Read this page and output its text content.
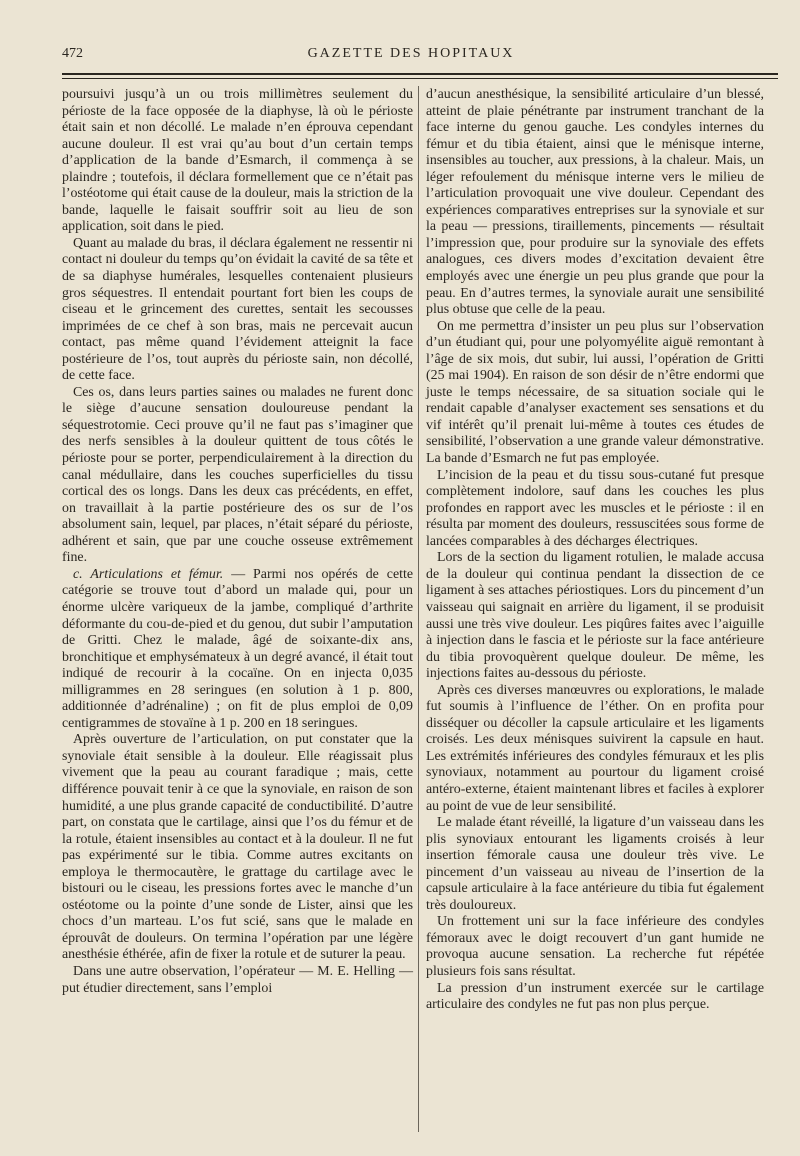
472	GAZETTE DES HOPITAUX

poursuivi jusqu’à un ou trois millimètres seulement du périoste de la face opposée de la diaphyse, là où le périoste était sain et non décollé. Le malade n’en éprouva cependant aucune douleur. Il est vrai qu’au bout d’un certain temps d’application de la bande d’Esmarch, il commença à se plaindre ; toutefois, il déclara formellement que ce n’était pas l’ostéotome qui était cause de la douleur, mais la striction de la bande, laquelle le faisait souffrir soit au lieu de son application, soit dans le pied.

Quant au malade du bras, il déclara également ne ressentir ni contact ni douleur du temps qu’on évidait la cavité de sa tête et de sa diaphyse humérales, lesquelles contenaient plusieurs gros séquestres. Il entendait pourtant fort bien les coups de ciseau et le grincement des curettes, sentait les secousses imprimées de ce chef à son bras, mais ne percevait aucun contact, pas même quand l’évidement atteignit la face postérieure de l’os, tout auprès du périoste sain, non décollé, de cette face.

Ces os, dans leurs parties saines ou malades ne furent donc le siège d’aucune sensation douloureuse pendant la séquestrotomie. Ceci prouve qu’il ne faut pas s’imaginer que des nerfs sensibles à la douleur quittent de tous côtés le périoste pour se porter, perpendiculairement à la direction du canal médullaire, dans les couches superficielles du tissu cortical des os longs. Dans les deux cas précédents, en effet, on travaillait à la partie postérieure des os sur de l’os absolument sain, lequel, par places, n’était séparé du périoste, adhérent et sain, que par une couche osseuse extrêmement fine.

c. Articulations et fémur. — Parmi nos opérés de cette catégorie se trouve tout d’abord un malade qui, pour un énorme ulcère variqueux de la jambe, compliqué d’arthrite déformante du cou-de-pied et du genou, dut subir l’amputation de Gritti. Chez le malade, âgé de soixante-dix ans, bronchitique et emphysémateux à un degré avancé, il était tout indiqué de recourir à la cocaïne. On en injecta 0,035 milligrammes en 28 seringues (en solution à 1 p. 800, additionnée d’adrénaline) ; on fit de plus emploi de 0,09 centigrammes de stovaïne à 1 p. 200 en 18 seringues.

Après ouverture de l’articulation, on put constater que la synoviale était sensible à la douleur. Elle réagissait plus vivement que la peau au courant faradique ; mais, cette différence pouvait tenir à ce que la synoviale, en raison de son humidité, a une plus grande capacité de conductibilité. D’autre part, on constata que le cartilage, ainsi que l’os du fémur et de la rotule, étaient insensibles au contact et à la douleur. Il ne fut pas expérimenté sur le tibia. Comme autres excitants on employa le thermocautère, le grattage du cartilage avec le bistouri ou le ciseau, les pressions fortes avec le manche d’un ostéotome ou la pointe d’une sonde de Lister, ainsi que les chocs d’un marteau. L’os fut scié, sans que le malade en éprouvât de douleurs. On termina l’opération par une légère anesthésie éthérée, afin de fixer la rotule et de suturer la peau.

Dans une autre observation, l’opérateur — M. E. Helling — put étudier directement, sans l’emploi

d’aucun anesthésique, la sensibilité articulaire d’un blessé, atteint de plaie pénétrante par instrument tranchant de la face interne du genou gauche. Les condyles internes du fémur et du tibia étaient, ainsi que le ménisque interne, insensibles au toucher, aux pressions, à la chaleur. Mais, un léger refoulement du ménisque interne vers le milieu de l’articulation provoquait une vive douleur. Cependant des expériences comparatives entreprises sur la synoviale et sur la peau — pressions, tiraillements, pincements — résultait l’impression que, pour produire sur la synoviale des effets analogues, ces divers modes d’excitation devaient être employés avec une énergie un peu plus grande que pour la peau. En d’autres termes, la synoviale aurait une sensibilité plus obtuse que celle de la peau.

On me permettra d’insister un peu plus sur l’observation d’un étudiant qui, pour une polyomyélite aiguë remontant à l’âge de six mois, dut subir, lui aussi, l’opération de Gritti (25 mai 1904). En raison de son désir de n’être endormi que juste le temps nécessaire, de sa situation sociale qui le rendait capable d’analyser exactement ses sensations et du vif intérêt qu’il prenait lui-même à toutes ces études de sensibilité, l’observation a une grande valeur démonstrative. La bande d’Esmarch ne fut pas employée.

L’incision de la peau et du tissu sous-cutané fut presque complètement indolore, sauf dans les couches les plus profondes en rapport avec les muscles et le périoste : il en résulta par moment des douleurs, ressuscitées sous forme de lancées comparables à des décharges électriques.

Lors de la section du ligament rotulien, le malade accusa de la douleur qui continua pendant la dissection de ce ligament à ses attaches périostiques. Lors du pincement d’un vaisseau qui saignait en arrière du ligament, il se produisit aussi une très vive douleur. Les piqûres faites avec l’aiguille à injection dans le fascia et le périoste sur la face antérieure du tibia provoquèrent quelque douleur. De même, les injections faites au-dessous du périoste.

Après ces diverses manœuvres ou explorations, le malade fut soumis à l’influence de l’éther. On en profita pour disséquer ou décoller la capsule articulaire et les ligaments croisés. Les deux ménisques suivirent la capsule en haut. Les extrémités inférieures des condyles fémuraux et les plis synoviaux, notamment au pourtour du ligament croisé antéro-externe, étaient maintenant libres et faciles à explorer au point de vue de leur sensibilité.

Le malade étant réveillé, la ligature d’un vaisseau dans les plis synoviaux entourant les ligaments croisés à leur insertion fémorale causa une douleur très vive. Le pincement d’un vaisseau au niveau de l’insertion de la capsule articulaire à la face antérieure du tibia fut également très douloureux.

Un frottement uni sur la face inférieure des condyles fémoraux avec le doigt recouvert d’un gant humide ne provoqua aucune sensation. La recherche fut répétée plusieurs fois sans résultat.

La pression d’un instrument exercée sur le cartilage articulaire des condyles ne fut pas non plus perçue.
